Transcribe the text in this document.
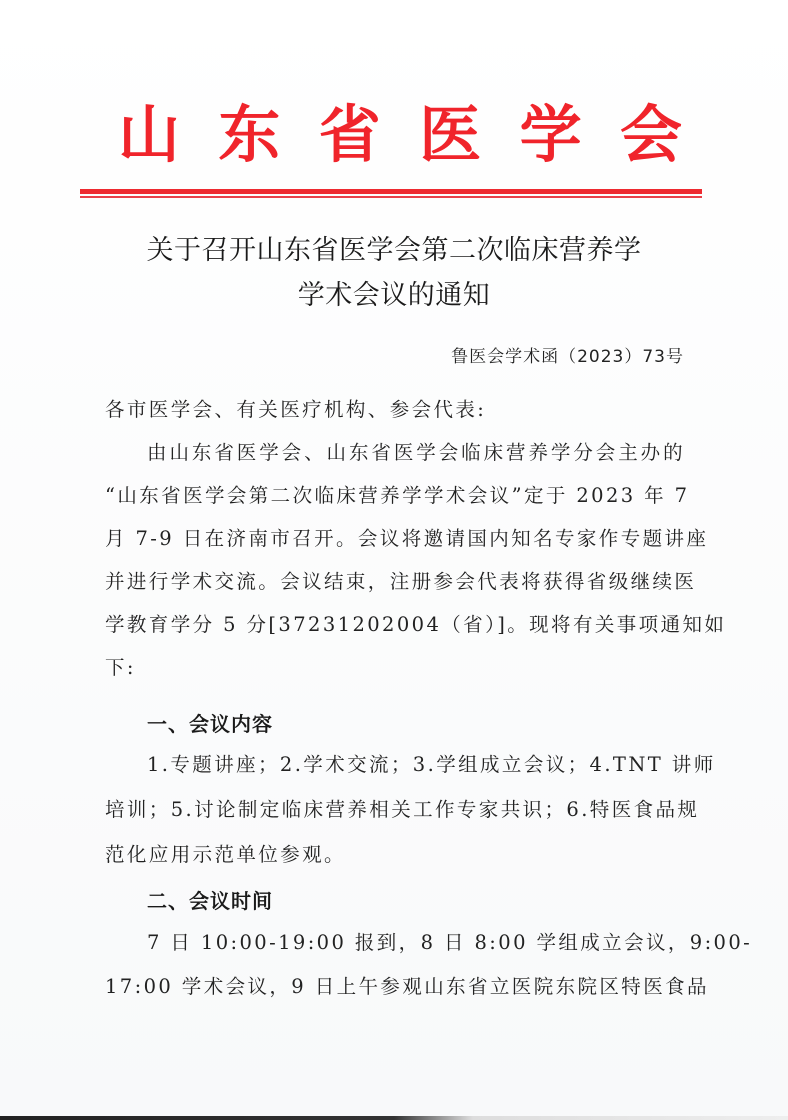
山 东 省 医 学 会
关于召开山东省医学会第二次临床营养学
学术会议的通知
鲁医会学术函（2023）73号
各市医学会、有关医疗机构、参会代表:
由山东省医学会、山东省医学会临床营养学分会主办的
“山东省医学会第二次临床营养学学术会议”定于 2023 年 7
月 7-9 日在济南市召开。会议将邀请国内知名专家作专题讲座
并进行学术交流。会议结束，注册参会代表将获得省级继续医
学教育学分 5 分[37231202004（省）]。现将有关事项通知如
下:
一、会议内容
1.专题讲座；2.学术交流；3.学组成立会议；4.TNT 讲师
培训；5.讨论制定临床营养相关工作专家共识；6.特医食品规
范化应用示范单位参观。
二、会议时间
7 日 10:00-19:00 报到，8 日 8:00 学组成立会议，9:00-
17:00 学术会议，9 日上午参观山东省立医院东院区特医食品
